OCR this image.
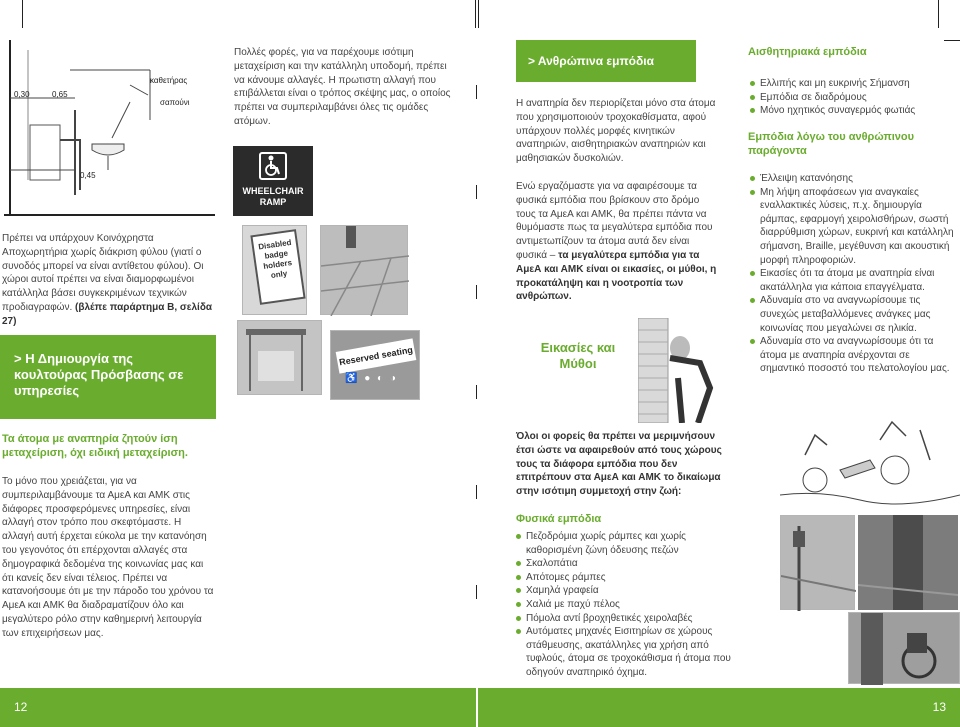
καθετήρας
σαπούνι
0,30	0,65
0,45
Πρέπει να υπάρχουν Κοινόχρηστα Αποχωρητήρια χωρίς διάκριση φύλου (γιατί ο συνοδός μπορεί να είναι αντίθετου φύλου). Οι χώροι αυτοί πρέπει να είναι διαμορφωμένοι κατάλληλα βάσει συγκεκριμένων τεχνικών προδιαγραφών. (βλέπε παράρτημα Β, σελίδα 27)
> Η Δημιουργία της κουλτούρας Πρόσβασης σε υπηρεσίες
Πολλές φορές, για να παρέχουμε ισότιμη μεταχείριση και την κατάλληλη υποδομή, πρέπει να κάνουμε αλλαγές. Η πρωτιστη αλλαγή που επιβάλλεται είναι ο τρόπος σκέψης μας, ο οποίος πρέπει να συμπεριλαμβάνει όλες τις ομάδες ατόμων.
WHEELCHAIR RAMP
Disabled badge holders only
Reserved seating
♿ ● ◐ ◑
Τα άτομα με αναπηρία ζητούν ίση μεταχείριση, όχι ειδική μεταχείριση.
Το μόνο που χρειάζεται, για να συμπεριλαμβάνουμε τα ΑμεΑ και ΑΜΚ στις διάφορες προσφερόμενες υπηρεσίες, είναι αλλαγή στον τρόπο που σκεφτόμαστε. Η αλλαγή αυτή έρχεται εύκολα με την κατανόηση του γεγονότος ότι επέρχονται αλλαγές στα δημογραφικά δεδομένα της κοινωνίας μας και ότι κανείς δεν είναι τέλειος. Πρέπει να κατανοήσουμε ότι με την πάροδο του χρόνου τα ΑμεΑ και ΑΜΚ θα διαδραματίζουν όλο και μεγαλύτερο ρόλο στην καθημερινή λειτουργία των επιχειρήσεων μας.
12
> Ανθρώπινα εμπόδια
Η αναπηρία δεν περιορίζεται μόνο στα άτομα που χρησιμοποιούν τροχοκαθίσματα, αφού υπάρχουν πολλές μορφές κινητικών αναπηριών, αισθητηριακών αναπηριών και μαθησιακών δυσκολιών.
Ενώ εργαζόμαστε για να αφαιρέσουμε τα φυσικά εμπόδια που βρίσκουν στο δρόμο τους τα ΑμεΑ και ΑΜΚ, θα πρέπει πάντα να θυμόμαστε πως τα μεγαλύτερα εμπόδια που αντιμετωπίζουν τα άτομα αυτά δεν είναι φυσικά – τα μεγαλύτερα εμπόδια για τα ΑμεΑ και ΑΜΚ είναι οι εικασίες, οι μύθοι, η προκατάληψη και η νοοτροπία των ανθρώπων.
Εικασίες και Μύθοι
Αισθητηριακά εμπόδια
Ελλιπής και μη ευκρινής Σήμανση
Εμπόδια σε διαδρόμους
Μόνο ηχητικός συναγερμός φωτιάς
Εμπόδια λόγω του ανθρώπινου παράγοντα
Έλλειψη κατανόησης
Μη λήψη αποφάσεων για αναγκαίες εναλλακτικές λύσεις, π.χ. δημιουργία ράμπας, εφαρμογή χειρολισθήρων, σωστή διαρρύθμιση χώρων, ευκρινή και κατάλληλη σήμανση, Braille, μεγέθυνση και ακουστική μορφή πληροφοριών.
Εικασίες ότι τα άτομα με αναπηρία είναι ακατάλληλα για κάποια επαγγέλματα.
Αδυναμία στο να αναγνωρίσουμε τις συνεχώς μεταβαλλόμενες ανάγκες μας κοινωνίας που μεγαλώνει σε ηλικία.
Αδυναμία στο να αναγνωρίσουμε ότι τα άτομα με αναπηρία ανέρχονται σε σημαντικό ποσοστό του πελατολογίου μας.
Όλοι οι φορείς θα πρέπει να μεριμνήσουν έτσι ώστε να αφαιρεθούν από τους χώρους τους τα διάφορα εμπόδια που δεν επιτρέπουν στα ΑμεΑ και ΑΜΚ το δικαίωμα στην ισότιμη συμμετοχή στην ζωή:
Φυσικά εμπόδια
Πεζοδρόμια χωρίς ράμπες και χωρίς καθορισμένη ζώνη όδευσης πεζών
Σκαλοπάτια
Απότομες ράμπες
Χαμηλά γραφεία
Χαλιά με παχύ πέλος
Πόμολα αντί βροχηθετικές χειρολαβές
Αυτόματες μηχανές Εισιτηρίων σε χώρους στάθμευσης, ακατάλληλες για χρήση από τυφλούς, άτομα σε τροχοκάθισμα ή άτομα που οδηγούν αναπηρικό όχημα.
13
